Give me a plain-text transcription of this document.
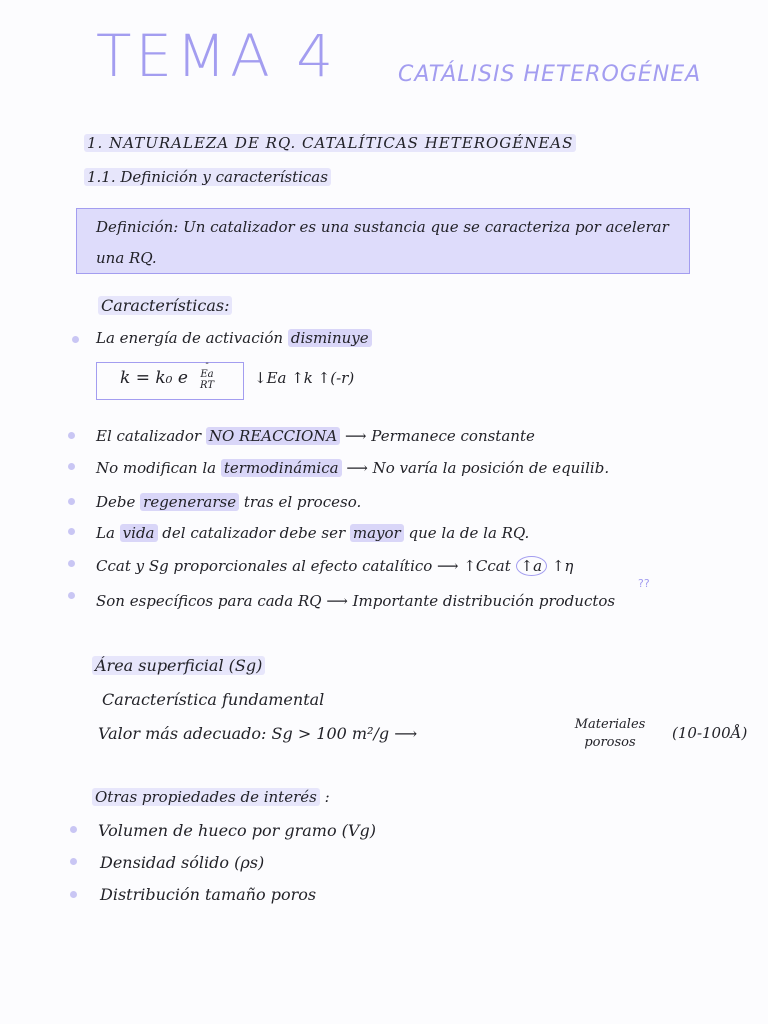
TEMA 4	CATÁLISIS HETEROGÉNEA
1. NATURALEZA DE RQ. CATALÍTICAS HETEROGÉNEAS
1.1. Definición y características
Definición: Un catalizador es una sustancia que se caracteriza por acelerar una RQ.
Características:
La energía de activación disminuye
k = k₀ e
-Ea
RT	↓Ea ↑k ↑(-r)
El catalizador NO REACCIONA ⟶ Permanece constante
No modifican la termodinámica ⟶ No varía la posición de equilib.
Debe regenerarse tras el proceso.
La vida del catalizador debe ser mayor que la de la RQ.
Ccat y Sg proporcionales al efecto catalítico ⟶ ↑Ccat ↑a ↑η
??
Son específicos para cada RQ ⟶ Importante distribución productos
Área superficial (Sg)
Característica fundamental
Valor más adecuado: Sg > 100 m²/g ⟶	Materiales porosos
(10-100Å)
Otras propiedades de interés :
Volumen de hueco por gramo (Vg)
Densidad sólido (ρs)
Distribución tamaño poros
